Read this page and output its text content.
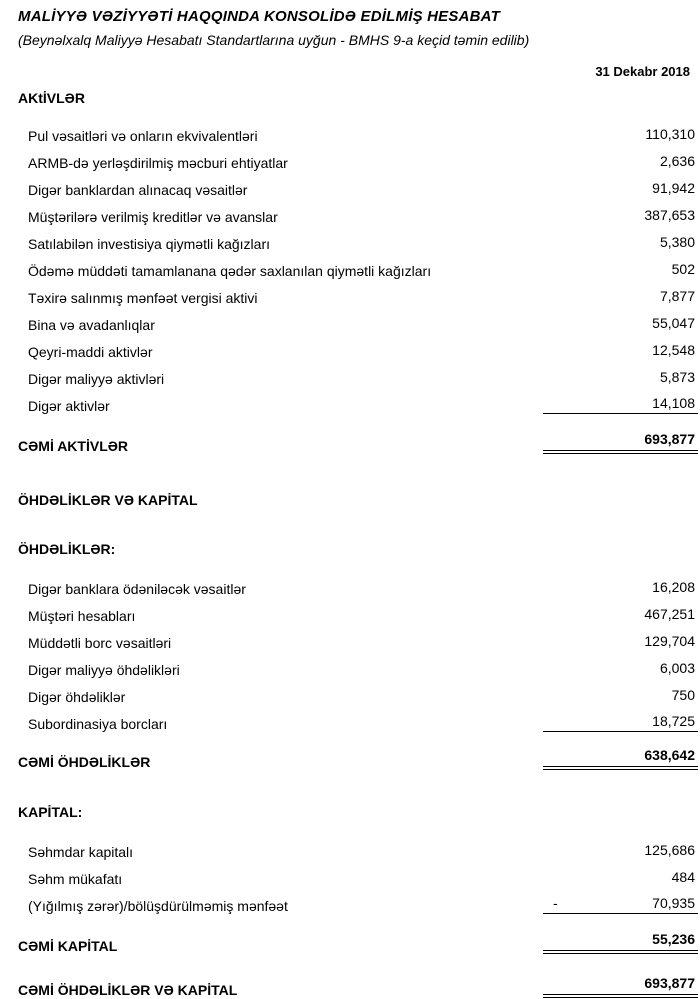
MALİYYƏ VƏZİYYƏTİ HAQQINDA KONSOLİDƏ EDİLMİŞ HESABAT
(Beynəlxalq Maliyyə Hesabatı Standartlarına uyğun - BMHS 9-a keçid təmin edilib)
31 Dekabr 2018
AKtİVLƏR
Pul vəsaitləri və onların ekvivalentləri	110,310
ARMB-də yerləşdirilmiş məcburi ehtiyatlar	2,636
Digər banklardan alınacaq vəsaitlər	91,942
Müştərilərə verilmiş kreditlər və avanslar	387,653
Satılabilən investisiya qiymətli kağızları	5,380
Ödəmə müddəti tamamlanana qədər saxlanılan qiymətli kağızları	502
Təxirə salınmış mənfəət vergisi aktivi	7,877
Bina və avadanlıqlar	55,047
Qeyri-maddi aktivlər	12,548
Digər maliyyə aktivləri	5,873
Digər aktivlər	14,108
CƏMİ AKTİVLƏR	693,877
ÖHDƏLİKLƏR VƏ KAPİTAL
ÖHDƏLİKLƏR:
Digər banklara ödəniləcək vəsaitlər	16,208
Müştəri hesabları	467,251
Müddətli borc vəsaitləri	129,704
Digər maliyyə öhdəlikləri	6,003
Digər öhdəliklər	750
Subordinasiya borcları	18,725
CƏMİ ÖHDƏLİKLƏR	638,642
KAPİTAL:
Səhmdar kapitalı	125,686
Səhm mükafatı	484
(Yığılmış zərər)/bölüşdürülməmiş mənfəət	-	70,935
CƏMİ KAPİTAL	55,236
CƏMİ ÖHDƏLİKLƏR VƏ KAPİTAL	693,877
